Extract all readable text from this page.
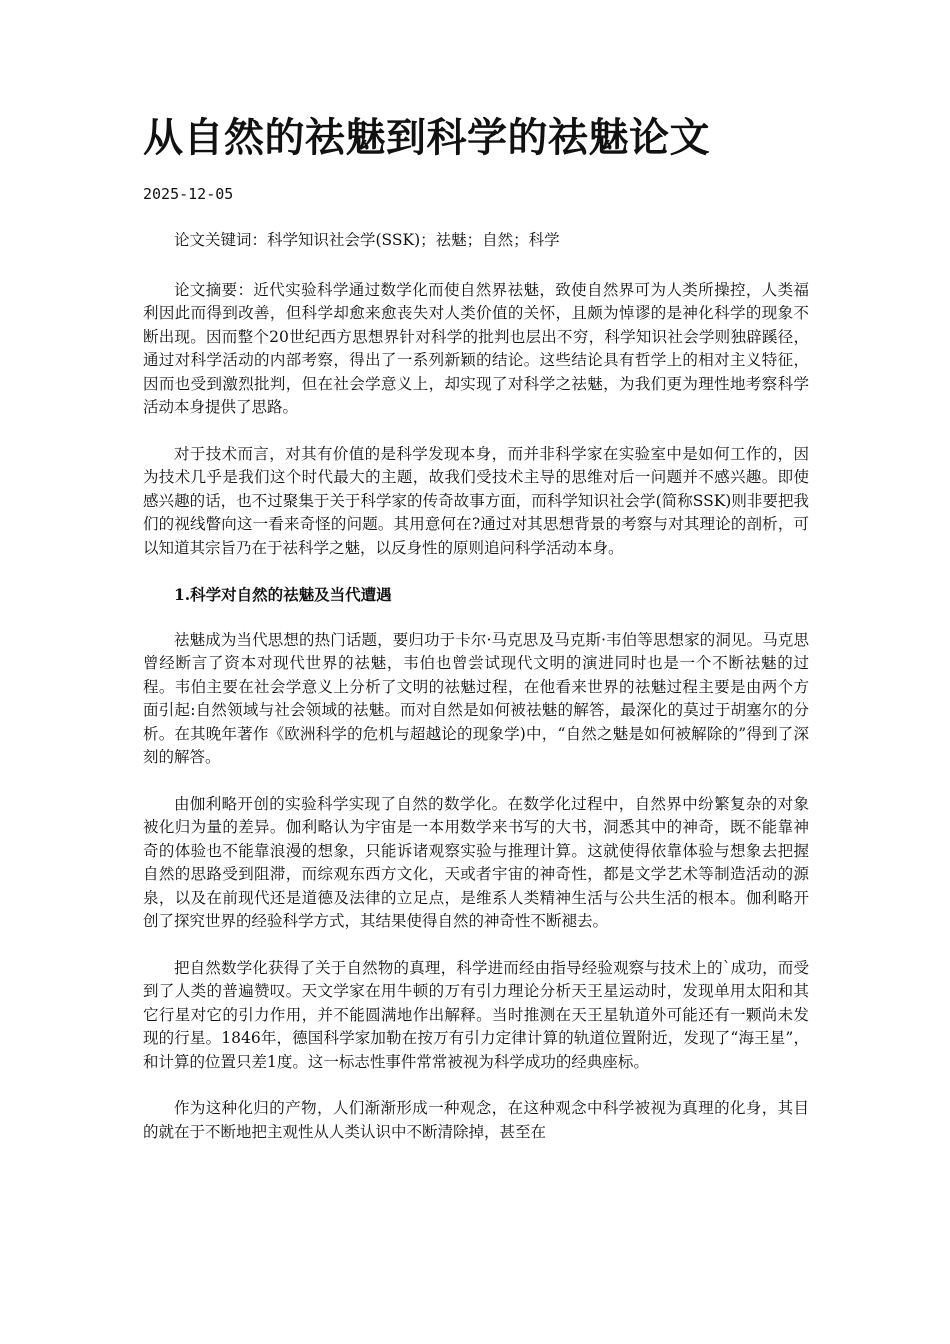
从自然的祛魅到科学的祛魅论文
2025-12-05

论文关键词：科学知识社会学(SSK)；祛魅；自然；科学

论文摘要：近代实验科学通过数学化而使自然界祛魅，致使自然界可为人类所操控，人类福利因此而得到改善，但科学却愈来愈丧失对人类价值的关怀，且颇为悼谬的是神化科学的现象不断出现。因而整个20世纪西方思想界针对科学的批判也层出不穷，科学知识社会学则独辟蹊径，通过对科学活动的内部考察，得出了一系列新颖的结论。这些结论具有哲学上的相对主义特征，因而也受到激烈批判，但在社会学意义上，却实现了对科学之祛魅，为我们更为理性地考察科学活动本身提供了思路。

对于技术而言，对其有价值的是科学发现本身，而并非科学家在实验室中是如何工作的，因为技术几乎是我们这个时代最大的主题，故我们受技术主导的思维对后一问题并不感兴趣。即使感兴趣的话，也不过聚集于关于科学家的传奇故事方面，而科学知识社会学(简称SSK)则非要把我们的视线瞥向这一看来奇怪的问题。其用意何在?通过对其思想背景的考察与对其理论的剖析，可以知道其宗旨乃在于祛科学之魅，以反身性的原则追问科学活动本身。

1.科学对自然的祛魅及当代遭遇

祛魅成为当代思想的热门话题，要归功于卡尔·马克思及马克斯·韦伯等思想家的洞见。马克思曾经断言了资本对现代世界的祛魅，韦伯也曾尝试现代文明的演进同时也是一个不断祛魅的过程。韦伯主要在社会学意义上分析了文明的祛魅过程，在他看来世界的祛魅过程主要是由两个方面引起:自然领域与社会领域的祛魅。而对自然是如何被祛魅的解答，最深化的莫过于胡塞尔的分析。在其晚年著作《欧洲科学的危机与超越论的现象学)中，“自然之魅是如何被解除的”得到了深刻的解答。

由伽利略开创的实验科学实现了自然的数学化。在数学化过程中，自然界中纷繁复杂的对象被化归为量的差异。伽利略认为宇宙是一本用数学来书写的大书，洞悉其中的神奇，既不能靠神奇的体验也不能靠浪漫的想象，只能诉诸观察实验与推理计算。这就使得依靠体验与想象去把握自然的思路受到阻滞，而综观东西方文化，天或者宇宙的神奇性，都是文学艺术等制造活动的源泉，以及在前现代还是道德及法律的立足点，是维系人类精神生活与公共生活的根本。伽利略开创了探究世界的经验科学方式，其结果使得自然的神奇性不断褪去。

把自然数学化获得了关于自然物的真理，科学进而经由指导经验观察与技术上的`成功，而受到了人类的普遍赞叹。天文学家在用牛顿的万有引力理论分析天王星运动时，发现单用太阳和其它行星对它的引力作用，并不能圆满地作出解释。当时推测在天王星轨道外可能还有一颗尚未发现的行星。1846年，德国科学家加勒在按万有引力定律计算的轨道位置附近，发现了“海王星”，和计算的位置只差1度。这一标志性事件常常被视为科学成功的经典座标。

作为这种化归的产物，人们渐渐形成一种观念，在这种观念中科学被视为真理的化身，其目的就在于不断地把主观性从人类认识中不断清除掉，甚至在
